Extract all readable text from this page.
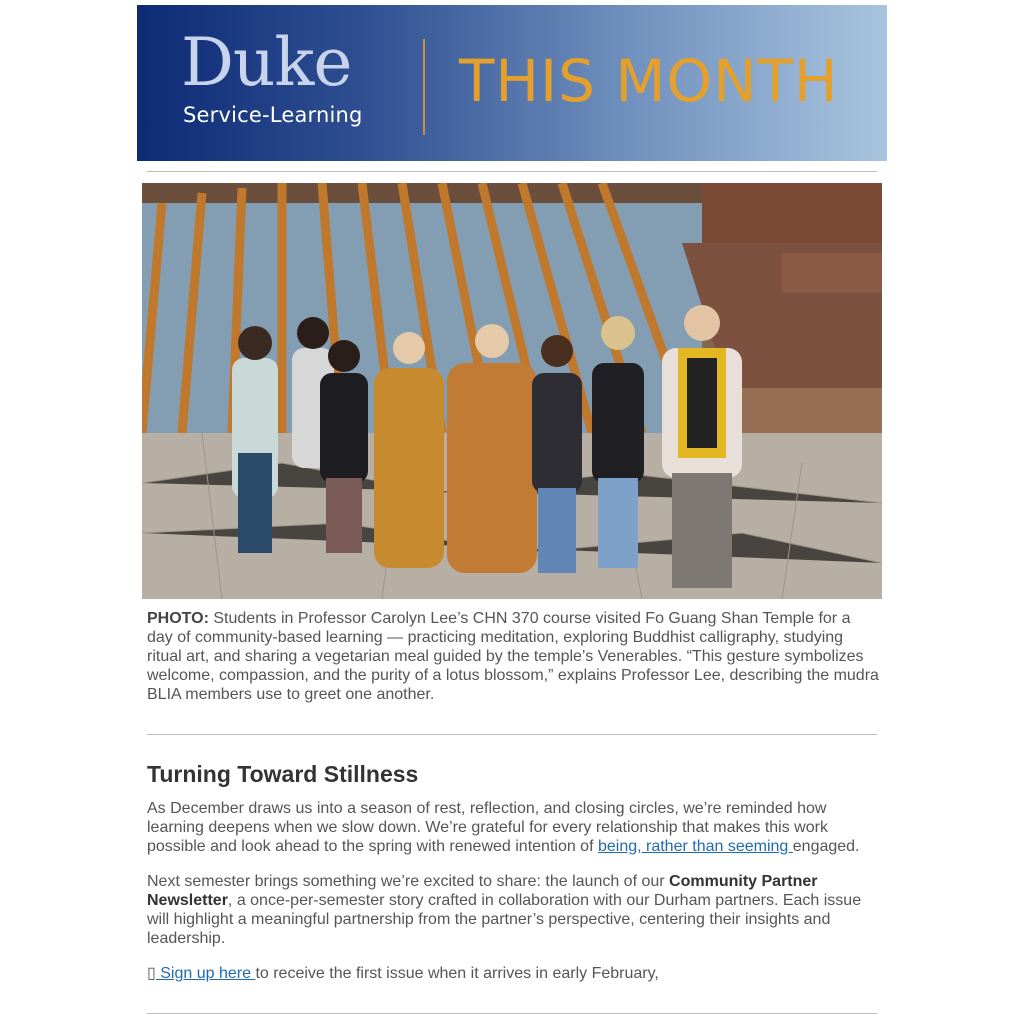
Duke
Service-Learning THIS MONTH

PHOTO: Students in Professor Carolyn Lee’s CHN 370 course visited Fo Guang Shan Temple for a day of community-based learning — practicing meditation, exploring Buddhist calligraphy, studying ritual art, and sharing a vegetarian meal guided by the temple’s Venerables. “This gesture symbolizes welcome, compassion, and the purity of a lotus blossom,” explains Professor Lee, describing the mudra BLIA members use to greet one another.

Turning Toward Stillness

As December draws us into a season of rest, reflection, and closing circles, we’re reminded how learning deepens when we slow down. We’re grateful for every relationship that makes this work possible and look ahead to the spring with renewed intention of being, rather than seeming engaged.

Next semester brings something we’re excited to share: the launch of our Community Partner Newsletter, a once-per-semester story crafted in collaboration with our Durham partners. Each issue will highlight a meaningful partnership from the partner’s perspective, centering their insights and leadership.

▯ Sign up here to receive the first issue when it arrives in early February,
